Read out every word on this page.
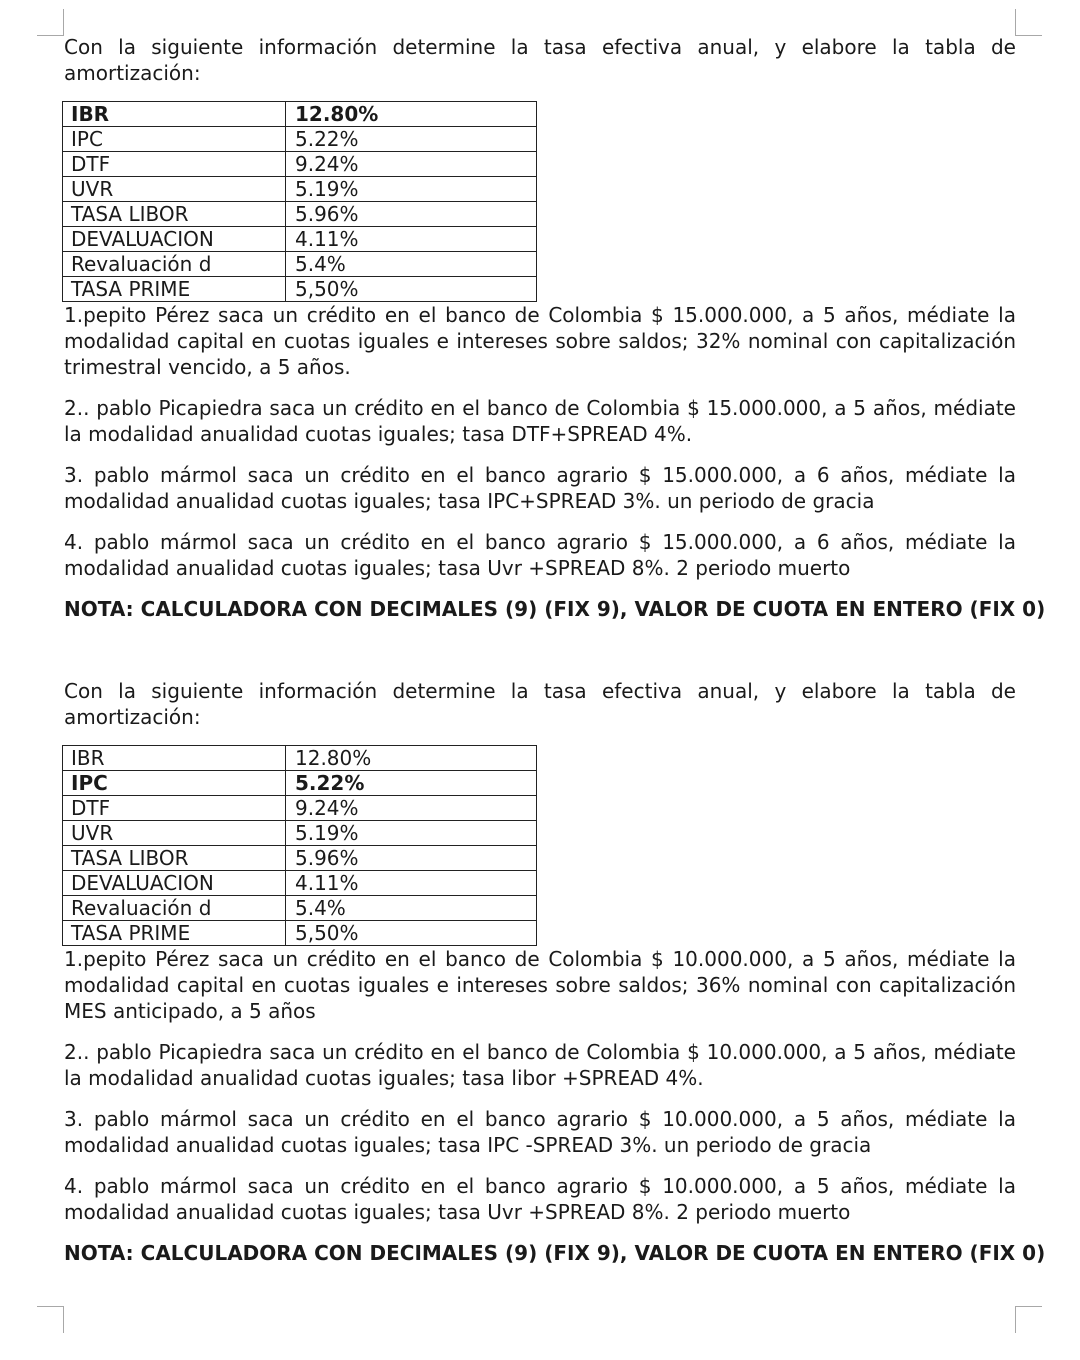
Con la siguiente información determine la tasa efectiva anual, y elabore la tabla de amortización:

IBR	12.80%
IPC	5.22%
DTF	9.24%
UVR	5.19%
TASA LIBOR	5.96%
DEVALUACION	4.11%
Revaluación d	5.4%
TASA PRIME	5,50%

1.pepito Pérez saca un crédito en el banco de Colombia $ 15.000.000, a 5 años, médiate la modalidad capital en cuotas iguales e intereses sobre saldos; 32% nominal con capitalización trimestral vencido, a 5 años.

2.. pablo Picapiedra saca un crédito en el banco de Colombia $ 15.000.000, a 5 años, médiate la modalidad anualidad cuotas iguales; tasa DTF+SPREAD 4%.

3. pablo mármol saca un crédito en el banco agrario $ 15.000.000, a 6 años, médiate la modalidad anualidad cuotas iguales; tasa IPC+SPREAD 3%. un periodo de gracia

4. pablo mármol saca un crédito en el banco agrario $ 15.000.000, a 6 años, médiate la modalidad anualidad cuotas iguales; tasa Uvr +SPREAD 8%. 2 periodo muerto

NOTA: CALCULADORA CON DECIMALES (9) (FIX 9), VALOR DE CUOTA EN ENTERO (FIX 0)

Con la siguiente información determine la tasa efectiva anual, y elabore la tabla de amortización:

IBR	12.80%
IPC	5.22%
DTF	9.24%
UVR	5.19%
TASA LIBOR	5.96%
DEVALUACION	4.11%
Revaluación d	5.4%
TASA PRIME	5,50%

1.pepito Pérez saca un crédito en el banco de Colombia $ 10.000.000, a 5 años, médiate la modalidad capital en cuotas iguales e intereses sobre saldos; 36% nominal con capitalización MES anticipado, a 5 años

2.. pablo Picapiedra saca un crédito en el banco de Colombia $ 10.000.000, a 5 años, médiate la modalidad anualidad cuotas iguales; tasa libor +SPREAD 4%.

3. pablo mármol saca un crédito en el banco agrario $ 10.000.000, a 5 años, médiate la modalidad anualidad cuotas iguales; tasa IPC -SPREAD 3%. un periodo de gracia

4. pablo mármol saca un crédito en el banco agrario $ 10.000.000, a 5 años, médiate la modalidad anualidad cuotas iguales; tasa Uvr +SPREAD 8%. 2 periodo muerto

NOTA: CALCULADORA CON DECIMALES (9) (FIX 9), VALOR DE CUOTA EN ENTERO (FIX 0)
